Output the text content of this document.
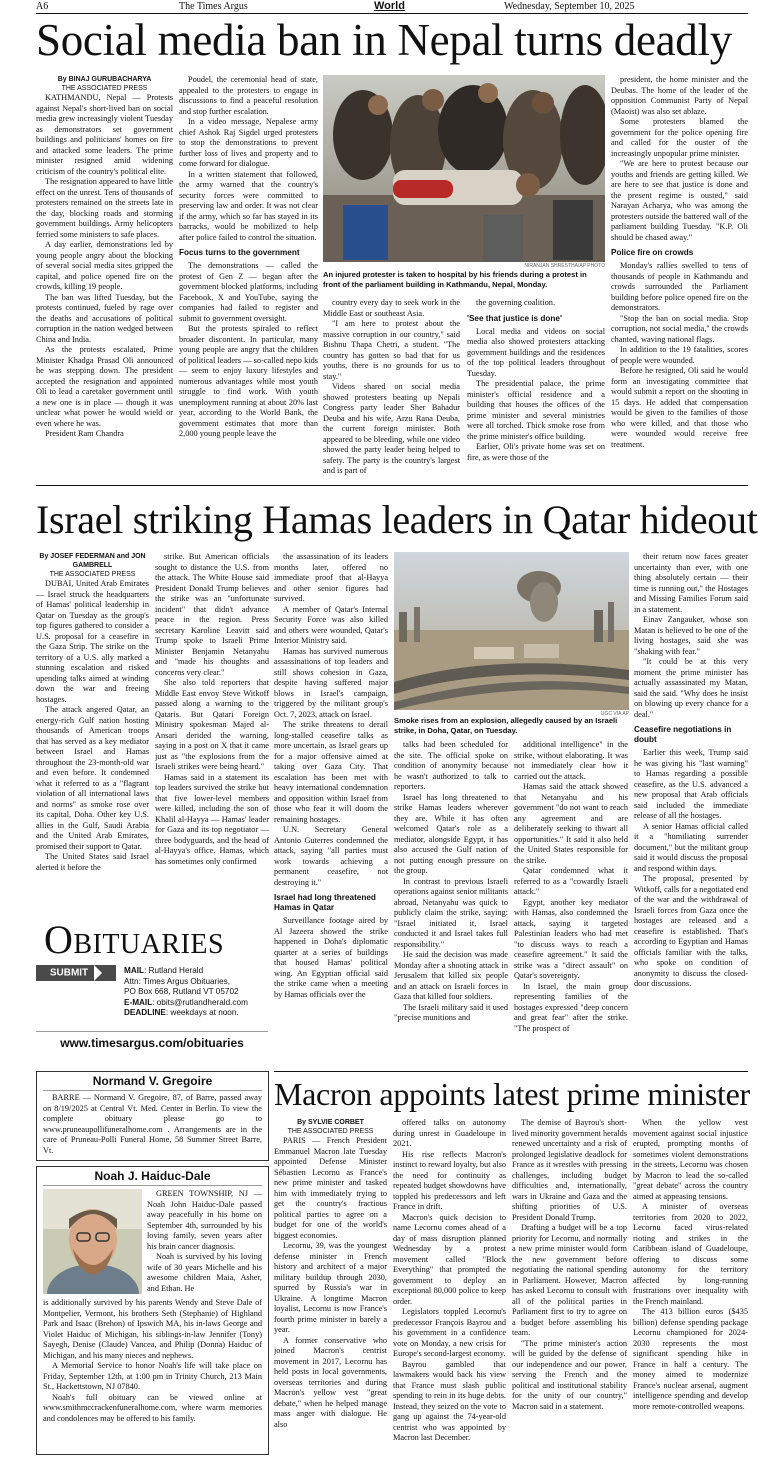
A6	The Times Argus	World	Wednesday, September 10, 2025
Social media ban in Nepal turns deadly

By BINAJ GURUBACHARYA

THE ASSOCIATED PRESS

KATHMANDU, Nepal — Protests against Nepal's short-lived ban on social media grew increasingly violent Tuesday as demonstrators set government buildings and politicians' homes on fire and attacked some leaders. The prime minister resigned amid widening criticism of the country's political elite.

The resignation appeared to have little effect on the unrest. Tens of thousands of protesters remained on the streets late in the day, blocking roads and storming government buildings. Army helicopters ferried some ministers to safe places.

A day earlier, demonstrations led by young people angry about the blocking of several social media sites gripped the capital, and police opened fire on the crowds, killing 19 people.

The ban was lifted Tuesday, but the protests continued, fueled by rage over the deaths and accusations of political corruption in the nation wedged between China and India.

As the protests escalated, Prime Minister Khadga Prasad Oli announced he was stepping down. The president accepted the resignation and appointed Oli to lead a caretaker government until a new one is in place — though it was unclear what power he would wield or even where he was.

President Ram Chandra

Poudel, the ceremonial head of state, appealed to the protesters to engage in discussions to find a peaceful resolution and stop further escalation.

In a video message, Nepalese army chief Ashok Raj Sigdel urged protesters to stop the demonstrations to prevent further loss of lives and property and to come forward for dialogue.

In a written statement that followed, the army warned that the country's security forces were committed to preserving law and order. It was not clear if the army, which so far has stayed in its barracks, would be mobilized to help after police failed to control the situation.

Focus turns to the government

The demonstrations — called the protest of Gen Z — began after the government blocked platforms, including Facebook, X and YouTube, saying the companies had failed to register and submit to government oversight.

But the protests spiraled to reflect broader discontent. In particular, many young people are angry that the children of political leaders — so-called nepo kids — seem to enjoy luxury lifestyles and numerous advantages while most youth struggle to find work. With youth unemployment running at about 20% last year, according to the World Bank, the government estimates that more than 2,000 young people leave the

NIRANJAN SHRESTHA/AP PHOTO
An injured protester is taken to hospital by his friends during a protest in front of the parliament building in Kathmandu, Nepal, Monday.

country every day to seek work in the Middle East or southeast Asia.

"I am here to protest about the massive corruption in our country," said Bishnu Thapa Chetri, a student. "The country has gotten so bad that for us youths, there is no grounds for us to stay."

Videos shared on social media showed protesters beating up Nepali Congress party leader Sher Bahadur Deuba and his wife, Arzu Rana Deuba, the current foreign minister. Both appeared to be bleeding, while one video showed the party leader being helped to safety. The party is the country's largest and is part of

the governing coalition.

'See that justice is done'

Local media and videos on social media also showed protesters attacking government buildings and the residences of the top political leaders throughout Tuesday.

The presidential palace, the prime minister's official residence and a building that houses the offices of the prime minister and several ministries were all torched. Thick smoke rose from the prime minister's office building.

Earlier, Oli's private home was set on fire, as were those of the

president, the home minister and the Deubas. The home of the leader of the opposition Communist Party of Nepal (Maoist) was also set ablaze.

Some protesters blamed the government for the police opening fire and called for the ouster of the increasingly unpopular prime minister.

"We are here to protest because our youths and friends are getting killed. We are here to see that justice is done and the present regime is ousted," said Narayan Acharya, who was among the protesters outside the battered wall of the parliament building Tuesday. "K.P. Oli should be chased away."

Police fire on crowds

Monday's rallies swelled to tens of thousands of people in Kathmandu and crowds surrounded the Parliament building before police opened fire on the demonstrators.

"Stop the ban on social media. Stop corruption, not social media," the crowds chanted, waving national flags.

In addition to the 19 fatalities, scores of people were wounded.

Before he resigned, Oli said he would form an investigating committee that would submit a report on the shooting in 15 days. He added that compensation would be given to the families of those who were killed, and that those who were wounded would receive free treatment.

Israel striking Hamas leaders in Qatar hideout

By JOSEF FEDERMAN and JON GAMBRELL

THE ASSOCIATED PRESS

DUBAI, United Arab Emirates — Israel struck the headquarters of Hamas' political leadership in Qatar on Tuesday as the group's top figures gathered to consider a U.S. proposal for a ceasefire in the Gaza Strip. The strike on the territory of a U.S. ally marked a stunning escalation and risked upending talks aimed at winding down the war and freeing hostages.

The attack angered Qatar, an energy-rich Gulf nation hosting thousands of American troops that has served as a key mediator between Israel and Hamas throughout the 23-month-old war and even before. It condemned what it referred to as a "flagrant violation of all international laws and norms" as smoke rose over its capital, Doha. Other key U.S. allies in the Gulf, Saudi Arabia and the United Arab Emirates, promised their support to Qatar.

The United States said Israel alerted it before the

strike. But American officials sought to distance the U.S. from the attack. The White House said President Donald Trump believes the strike was an "unfortunate incident" that didn't advance peace in the region. Press secretary Karoline Leavitt said Trump spoke to Israeli Prime Minister Benjamin Netanyahu and "made his thoughts and concerns very clear."

She also told reporters that Middle East envoy Steve Witkoff passed along a warning to the Qataris. But Qatari Foreign Ministry spokesman Majed al-Ansari derided the warning, saying in a post on X that it came just as "the explosions from the Israeli strikes were being heard."

Hamas said in a statement its top leaders survived the strike but that five lower-level members were killed, including the son of Khalil al-Hayya — Hamas' leader for Gaza and its top negotiator — three bodyguards, and the head of al-Hayya's office. Hamas, which has sometimes only confirmed

the assassination of its leaders months later, offered no immediate proof that al-Hayya and other senior figures had survived.

A member of Qatar's Internal Security Force was also killed and others were wounded, Qatar's Interior Ministry said.

Hamas has survived numerous assassinations of top leaders and still shows cohesion in Gaza, despite having suffered major blows in Israel's campaign, triggered by the militant group's Oct. 7, 2023, attack on Israel.

The strike threatens to derail long-stalled ceasefire talks as more uncertain, as Israel gears up for a major offensive aimed at taking over Gaza City. That escalation has been met with heavy international condemnation and opposition within Israel from those who fear it will doom the remaining hostages.

U.N. Secretary General Antonio Guterres condemned the attack, saying "all parties must work towards achieving a permanent ceasefire, not destroying it."

Israel had long threatened Hamas in Qatar

Surveillance footage aired by Al Jazeera showed the strike happened in Doha's diplomatic quarter at a series of buildings that housed Hamas' political wing. An Egyptian official said the strike came when a meeting by Hamas officials over the

UGC VIA AP
Smoke rises from an explosion, allegedly caused by an Israeli strike, in Doha, Qatar, on Tuesday.

talks had been scheduled for the site. The official spoke on condition of anonymity because he wasn't authorized to talk to reporters.

Israel has long threatened to strike Hamas leaders wherever they are. While it has often welcomed Qatar's role as a mediator, alongside Egypt, it has also accused the Gulf nation of not putting enough pressure on the group.

In contrast to previous Israeli operations against senior militants abroad, Netanyahu was quick to publicly claim the strike, saying: "Israel initiated it, Israel conducted it and Israel takes full responsibility."

He said the decision was made Monday after a shooting attack in Jerusalem that killed six people and an attack on Israeli forces in Gaza that killed four soldiers.

The Israeli military said it used "precise munitions and

additional intelligence" in the strike, without elaborating. It was not immediately clear how it carried out the attack.

Hamas said the attack showed that Netanyahu and his government "do not want to reach any agreement and are deliberately seeking to thwart all opportunities." It said it also held the United States responsible for the strike.

Qatar condemned what it referred to as a "cowardly Israeli attack."

Egypt, another key mediator with Hamas, also condemned the attack, saying it targeted Palestinian leaders who had met "to discuss ways to reach a ceasefire agreement." It said the strike was a "direct assault" on Qatar's sovereignty.

In Israel, the main group representing families of the hostages expressed "deep concern and great fear" after the strike. "The prospect of

their return now faces greater uncertainty than ever, with one thing absolutely certain — their time is running out," the Hostages and Missing Families Forum said in a statement.

Einav Zangauker, whose son Matan is believed to be one of the living hostages, said she was "shaking with fear."

"It could be at this very moment the prime minister has actually assassinated my Matan, said the said. "Why does he insist on blowing up every chance for a deal."

Ceasefire negotiations in doubt

Earlier this week, Trump said he was giving his "last warning" to Hamas regarding a possible ceasefire, as the U.S. advanced a new proposal that Arab officials said included the immediate release of all the hostages.

A senior Hamas official called it a "humiliating surrender document," but the militant group said it would discuss the proposal and respond within days.

The proposal, presented by Witkoff, calls for a negotiated end of the war and the withdrawal of Israeli forces from Gaza once the hostages are released and a ceasefire is established. That's according to Egyptian and Hamas officials familiar with the talks, who spoke on condition of anonymity to discuss the closed-door discussions.

Obituaries
SUBMIT	MAIL: Rutland Herald
Attn: Times Argus Obituaries,
PO Box 668, Rutland VT 05702
E-MAIL: obits@rutlandherald.com
DEADLINE: weekdays at noon.
www.timesargus.com/obituaries
Normand V. Gregoire
BARRE — Normand V. Gregoire, 87, of Barre, passed away on 8/19/2025 at Central Vt. Med. Center in Berlin. To view the complete obituary please go to www.pruneaupollifuneralhome.com . Arrangements are in the care of Pruneau-Polli Funeral Home, 58 Summer Street Barre, Vt.
Noah J. Haiduc-Dale

GREEN TOWNSHIP, NJ — Noah John Haiduc-Dale passed away peacefully in his home on September 4th, surrounded by his loving family, seven years after his brain cancer diagnosis.

Noah is survived by his loving wife of 30 years Michelle and his awesome children Maia, Asher, and Ethan. He

is additionally survived by his parents Wendy and Steve Dale of Montpelier, Vermont, his brothers Seth (Stephanie) of Highland Park and Isaac (Brehon) of Ipswich MA, his in-laws George and Violet Haiduc of Michigan, his siblings-in-law Jennifer (Tony) Sayegh, Denise (Claude) Vancea, and Philip (Donna) Haiduc of Michigan, and his many nieces and nephews.

A Memorial Service to honor Noah's life will take place on Friday, September 12th, at 1:00 pm in Trinity Church, 213 Main St., Hackettstown, NJ 07840.

Noah's full obituary can be viewed online at www.smithmccrackenfuneralhome.com, where warm memories and condolences may be offered to his family.

Macron appoints latest prime minister

By SYLVIE CORBET

THE ASSOCIATED PRESS

PARIS — French President Emmanuel Macron late Tuesday appointed Defense Minister Sébastien Lecornu as France's new prime minister and tasked him with immediately trying to get the country's fractious political parties to agree on a budget for one of the world's biggest economies.

Lecornu, 39, was the youngest defense minister in French history and architect of a major military buildup through 2030, spurred by Russia's war in Ukraine. A longtime Macron loyalist, Lecornu is now France's fourth prime minister in barely a year.

A former conservative who joined Macron's centrist movement in 2017, Lecornu has held posts in local governments, overseas territories and during Macron's yellow vest "great debate," when he helped manage mass anger with dialogue. He also

offered talks on autonomy during unrest in Guadeloupe in 2021.

His rise reflects Macron's instinct to reward loyalty, but also the need for continuity as repeated budget showdowns have toppled his predecessors and left France in drift.

Macron's quick decision to name Lecornu comes ahead of a day of mass disruption planned Wednesday by a protest movement called "Block Everything" that prompted the government to deploy an exceptional 80,000 police to keep order.

Legislators toppled Lecornu's predecessor François Bayrou and his government in a confidence vote on Monday, a new crisis for Europe's second-largest economy.

Bayrou gambled that lawmakers would back his view that France must slash public spending to rein in its huge debts. Instead, they seized on the vote to gang up against the 74-year-old centrist who was appointed by Macron last December.

The demise of Bayrou's short-lived minority government heralds renewed uncertainty and a risk of prolonged legislative deadlock for France as it wrestles with pressing challenges, including budget difficulties and, internationally, wars in Ukraine and Gaza and the shifting priorities of U.S. President Donald Trump.

Drafting a budget will be a top priority for Lecornu, and normally a new prime minister would form the new government before negotiating the national spending in Parliament. However, Macron has asked Lecornu to consult with all of the political parties in Parliament first to try to agree on a budget before assembling his team.

"The prime minister's action will be guided by the defense of our independence and our power, serving the French and the political and institutional stability for the unity of our country," Macron said in a statement.

When the yellow vest movement against social injustice erupted, prompting months of sometimes violent demonstrations in the streets, Lecornu was chosen by Macron to lead the so-called "great debate" across the country aimed at appeasing tensions.

A minister of overseas territories from 2020 to 2022, Lecornu faced virus-related rioting and strikes in the Caribbean island of Guadeloupe, offering to discuss some autonomy for the territory affected by long-running frustrations over inequality with the French mainland.

The 413 billion euros ($435 billion) defense spending package Lecornu championed for 2024-2030 represents the most significant spending hike in France in half a century. The money aimed to modernize France's nuclear arsenal, augment intelligence spending and develop more remote-controlled weapons.
